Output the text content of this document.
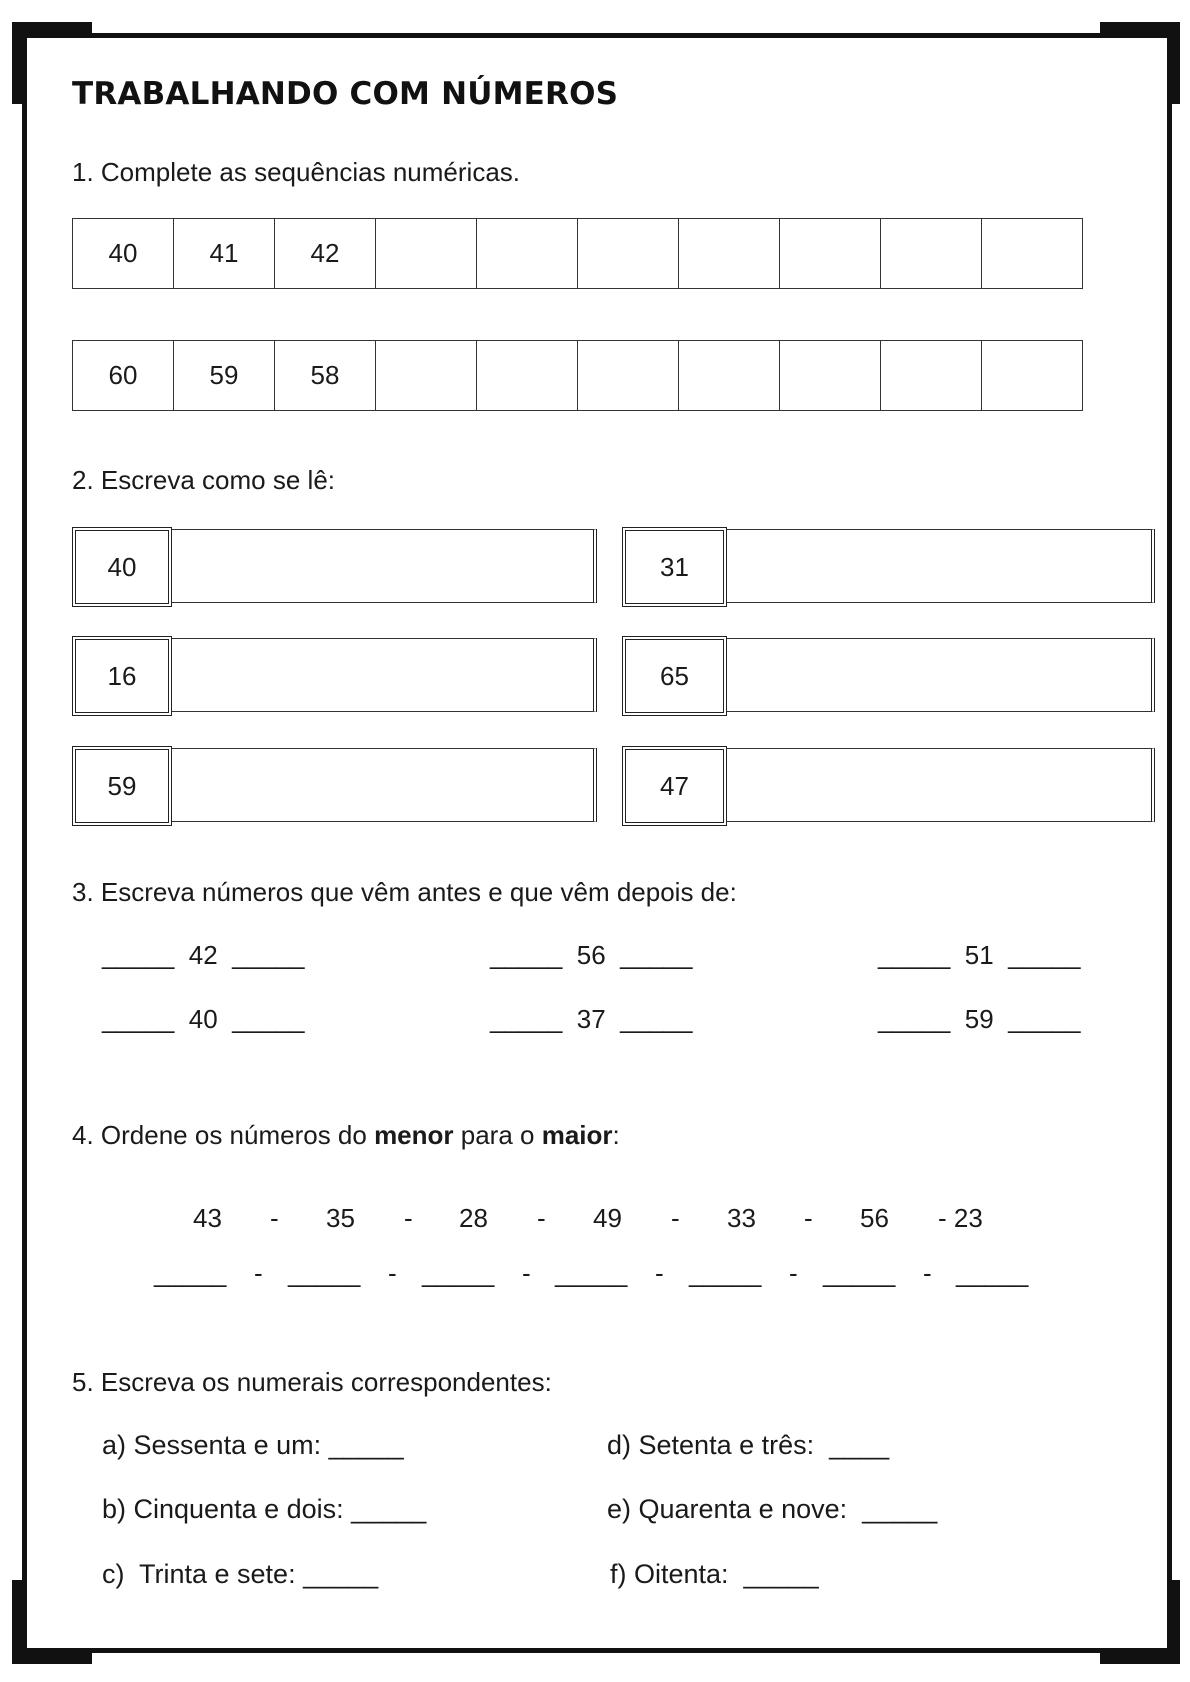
TRABALHANDO COM NÚMEROS
1. Complete as sequências numéricas.
40	41	42
60	59	58
2. Escreva como se lê:
40	31
16	65
59	47
3. Escreva números que vêm antes e que vêm depois de:
_____  42  _____	_____  56  _____	_____  51  _____
_____  40  _____	_____  37  _____	_____  59  _____
4. Ordene os números do menor para o maior:
43 - 35 - 28 - 49 - 33 - 56 - 23
_____ - _____ - _____ - _____ - _____ - _____ - _____
5. Escreva os numerais correspondentes:
a) Sessenta e um: _____	d) Setenta e três:  ____
b) Cinquenta e dois: _____	e) Quarenta e nove:  _____
c)  Trinta e sete: _____	f) Oitenta:  _____
